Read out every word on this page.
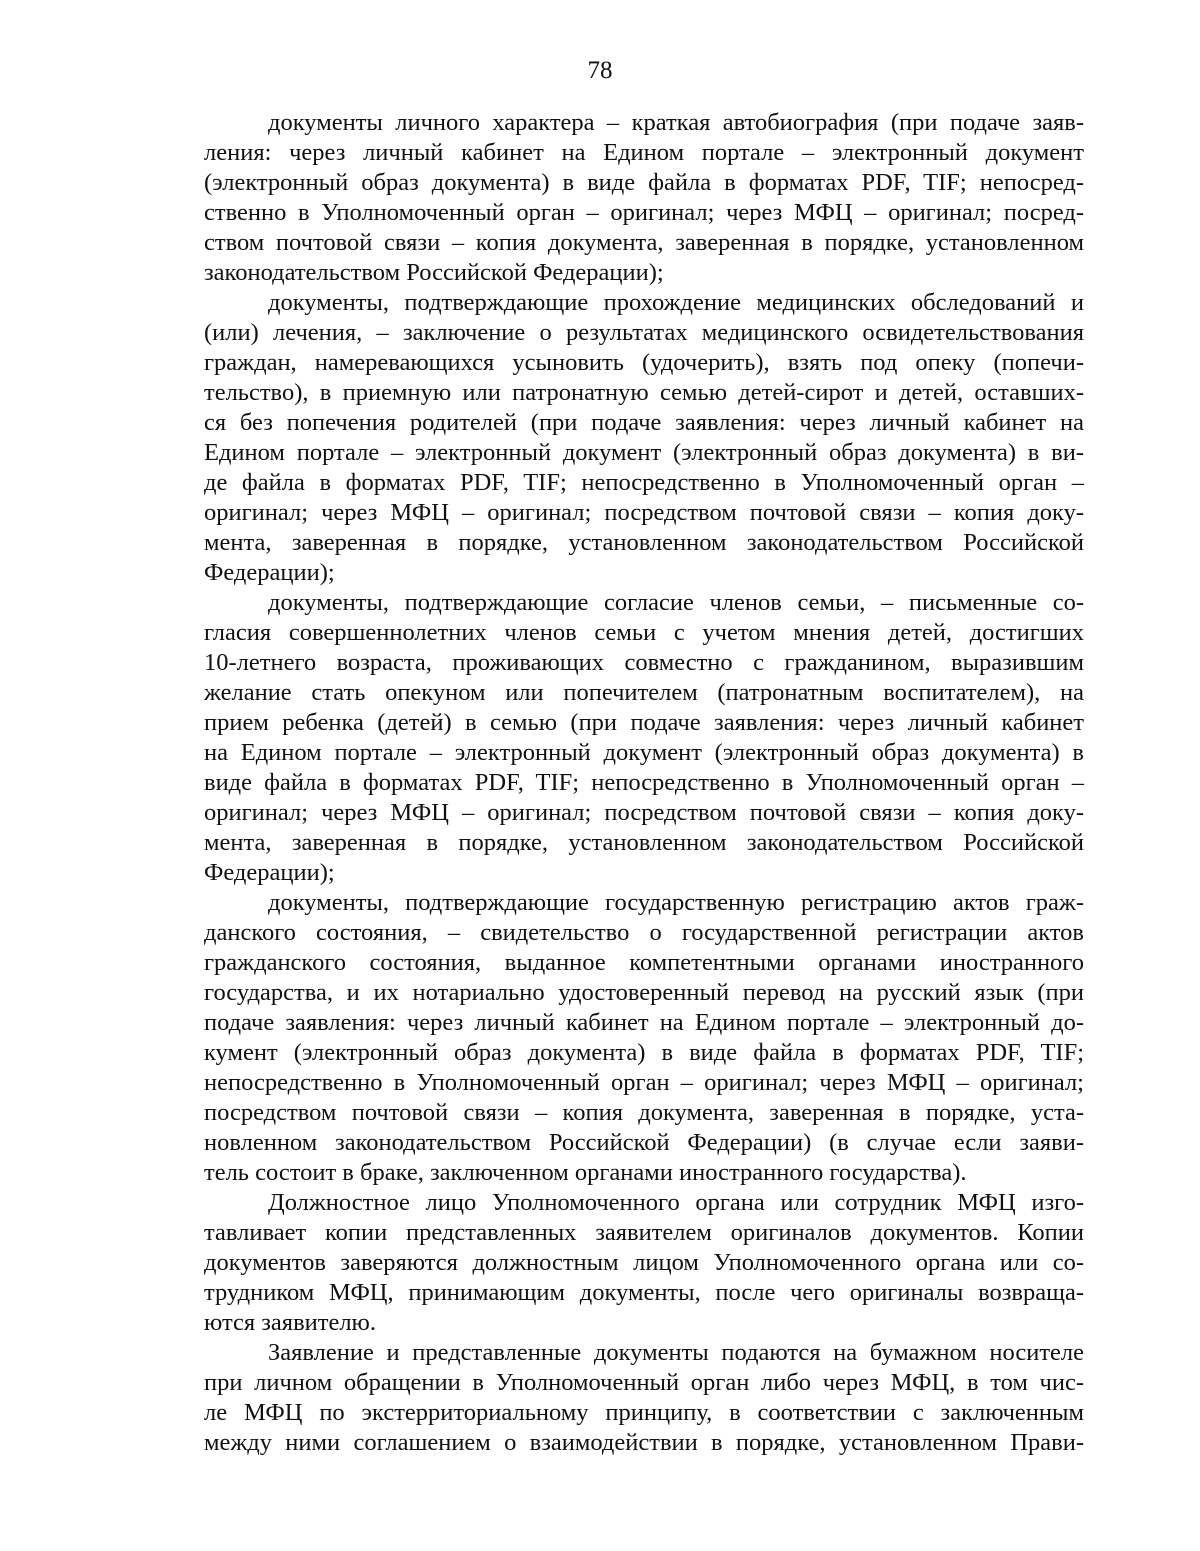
78
документы личного характера – краткая автобиография (при подаче заяв-
ления: через личный кабинет на Едином портале – электронный документ
(электронный образ документа) в виде файла в форматах PDF, TIF; непосред-
ственно в Уполномоченный орган – оригинал; через МФЦ – оригинал; посред-
ством почтовой связи – копия документа, заверенная в порядке, установленном
законодательством Российской Федерации);
документы, подтверждающие прохождение медицинских обследований и
(или) лечения, – заключение о результатах медицинского освидетельствования
граждан, намеревающихся усыновить (удочерить), взять под опеку (попечи-
тельство), в приемную или патронатную семью детей-сирот и детей, оставших-
ся без попечения родителей (при подаче заявления: через личный кабинет на
Едином портале – электронный документ (электронный образ документа) в ви-
де файла в форматах PDF, TIF; непосредственно в Уполномоченный орган –
оригинал; через МФЦ – оригинал; посредством почтовой связи – копия доку-
мента, заверенная в порядке, установленном законодательством Российской
Федерации);
документы, подтверждающие согласие членов семьи, – письменные со-
гласия совершеннолетних членов семьи с учетом мнения детей, достигших
10-летнего возраста, проживающих совместно с гражданином, выразившим
желание стать опекуном или попечителем (патронатным воспитателем), на
прием ребенка (детей) в семью (при подаче заявления: через личный кабинет
на Едином портале – электронный документ (электронный образ документа) в
виде файла в форматах PDF, TIF; непосредственно в Уполномоченный орган –
оригинал; через МФЦ – оригинал; посредством почтовой связи – копия доку-
мента, заверенная в порядке, установленном законодательством Российской
Федерации);
документы, подтверждающие государственную регистрацию актов граж-
данского состояния, – свидетельство о государственной регистрации актов
гражданского состояния, выданное компетентными органами иностранного
государства, и их нотариально удостоверенный перевод на русский язык (при
подаче заявления: через личный кабинет на Едином портале – электронный до-
кумент (электронный образ документа) в виде файла в форматах PDF, TIF;
непосредственно в Уполномоченный орган – оригинал; через МФЦ – оригинал;
посредством почтовой связи – копия документа, заверенная в порядке, уста-
новленном законодательством Российской Федерации) (в случае если заяви-
тель состоит в браке, заключенном органами иностранного государства).
Должностное лицо Уполномоченного органа или сотрудник МФЦ изго-
тавливает копии представленных заявителем оригиналов документов. Копии
документов заверяются должностным лицом Уполномоченного органа или со-
трудником МФЦ, принимающим документы, после чего оригиналы возвраща-
ются заявителю.
Заявление и представленные документы подаются на бумажном носителе
при личном обращении в Уполномоченный орган либо через МФЦ, в том чис-
ле МФЦ по экстерриториальному принципу, в соответствии с заключенным
между ними соглашением о взаимодействии в порядке, установленном Прави-
